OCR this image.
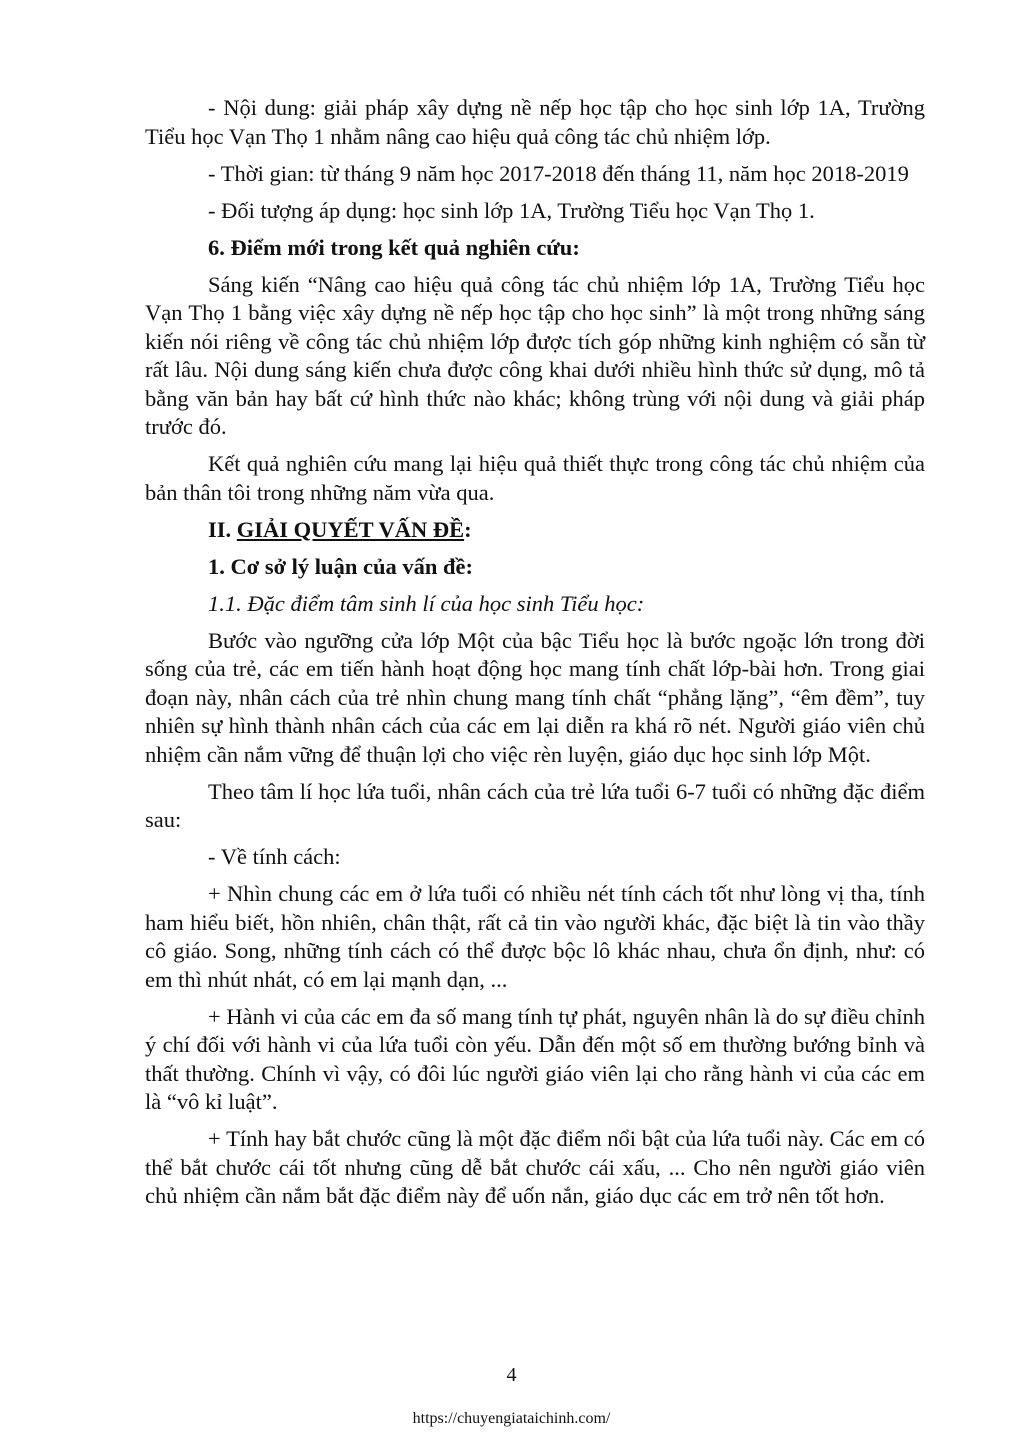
- Nội dung: giải pháp xây dựng nề nếp học tập cho học sinh lớp 1A, Trường Tiểu học Vạn Thọ 1 nhằm nâng cao hiệu quả công tác chủ nhiệm lớp.

- Thời gian: từ tháng 9 năm học 2017-2018 đến tháng 11, năm học 2018-2019

- Đối tượng áp dụng: học sinh lớp 1A, Trường Tiểu học Vạn Thọ 1.

6. Điểm mới trong kết quả nghiên cứu:

Sáng kiến “Nâng cao hiệu quả công tác chủ nhiệm lớp 1A, Trường Tiểu học Vạn Thọ 1 bằng việc xây dựng nề nếp học tập cho học sinh” là một trong những sáng kiến nói riêng về công tác chủ nhiệm lớp được tích góp những kinh nghiệm có sẵn từ rất lâu. Nội dung sáng kiến chưa được công khai dưới nhiều hình thức sử dụng, mô tả bằng văn bản hay bất cứ hình thức nào khác; không trùng với nội dung và giải pháp trước đó.

Kết quả nghiên cứu mang lại hiệu quả thiết thực trong công tác chủ nhiệm của bản thân tôi trong những năm vừa qua.

II. GIẢI QUYẾT VẤN ĐỀ:

1. Cơ sở lý luận của vấn đề:

1.1. Đặc điểm tâm sinh lí của học sinh Tiểu học:

Bước vào ngưỡng cửa lớp Một của bậc Tiểu học là bước ngoặc lớn trong đời sống của trẻ, các em tiến hành hoạt động học mang tính chất lớp-bài hơn. Trong giai đoạn này, nhân cách của trẻ nhìn chung mang tính chất “phẳng lặng”, “êm đềm”, tuy nhiên sự hình thành nhân cách của các em lại diễn ra khá rõ nét. Người giáo viên chủ nhiệm cần nắm vững để thuận lợi cho việc rèn luyện, giáo dục học sinh lớp Một.

Theo tâm lí học lứa tuổi, nhân cách của trẻ lứa tuổi 6-7 tuổi có những đặc điểm sau:

- Về tính cách:

+ Nhìn chung các em ở lứa tuổi có nhiều nét tính cách tốt như lòng vị tha, tính ham hiểu biết, hồn nhiên, chân thật, rất cả tin vào người khác, đặc biệt là tin vào thầy cô giáo. Song, những tính cách có thể được bộc lô khác nhau, chưa ổn định, như: có em thì nhút nhát, có em lại mạnh dạn, ...

+ Hành vi của các em đa số mang tính tự phát, nguyên nhân là do sự điều chỉnh ý chí đối với hành vi của lứa tuổi còn yếu. Dẫn đến một số em thường bướng bỉnh và thất thường. Chính vì vậy, có đôi lúc người giáo viên lại cho rằng hành vi của các em là “vô kỉ luật”.

+ Tính hay bắt chước cũng là một đặc điểm nổi bật của lứa tuổi này. Các em có thể bắt chước cái tốt nhưng cũng dễ bắt chước cái xấu, ... Cho nên người giáo viên chủ nhiệm cần nắm bắt đặc điểm này để uốn nắn, giáo dục các em trở nên tốt hơn.

4
https://chuyengiataichinh.com/
